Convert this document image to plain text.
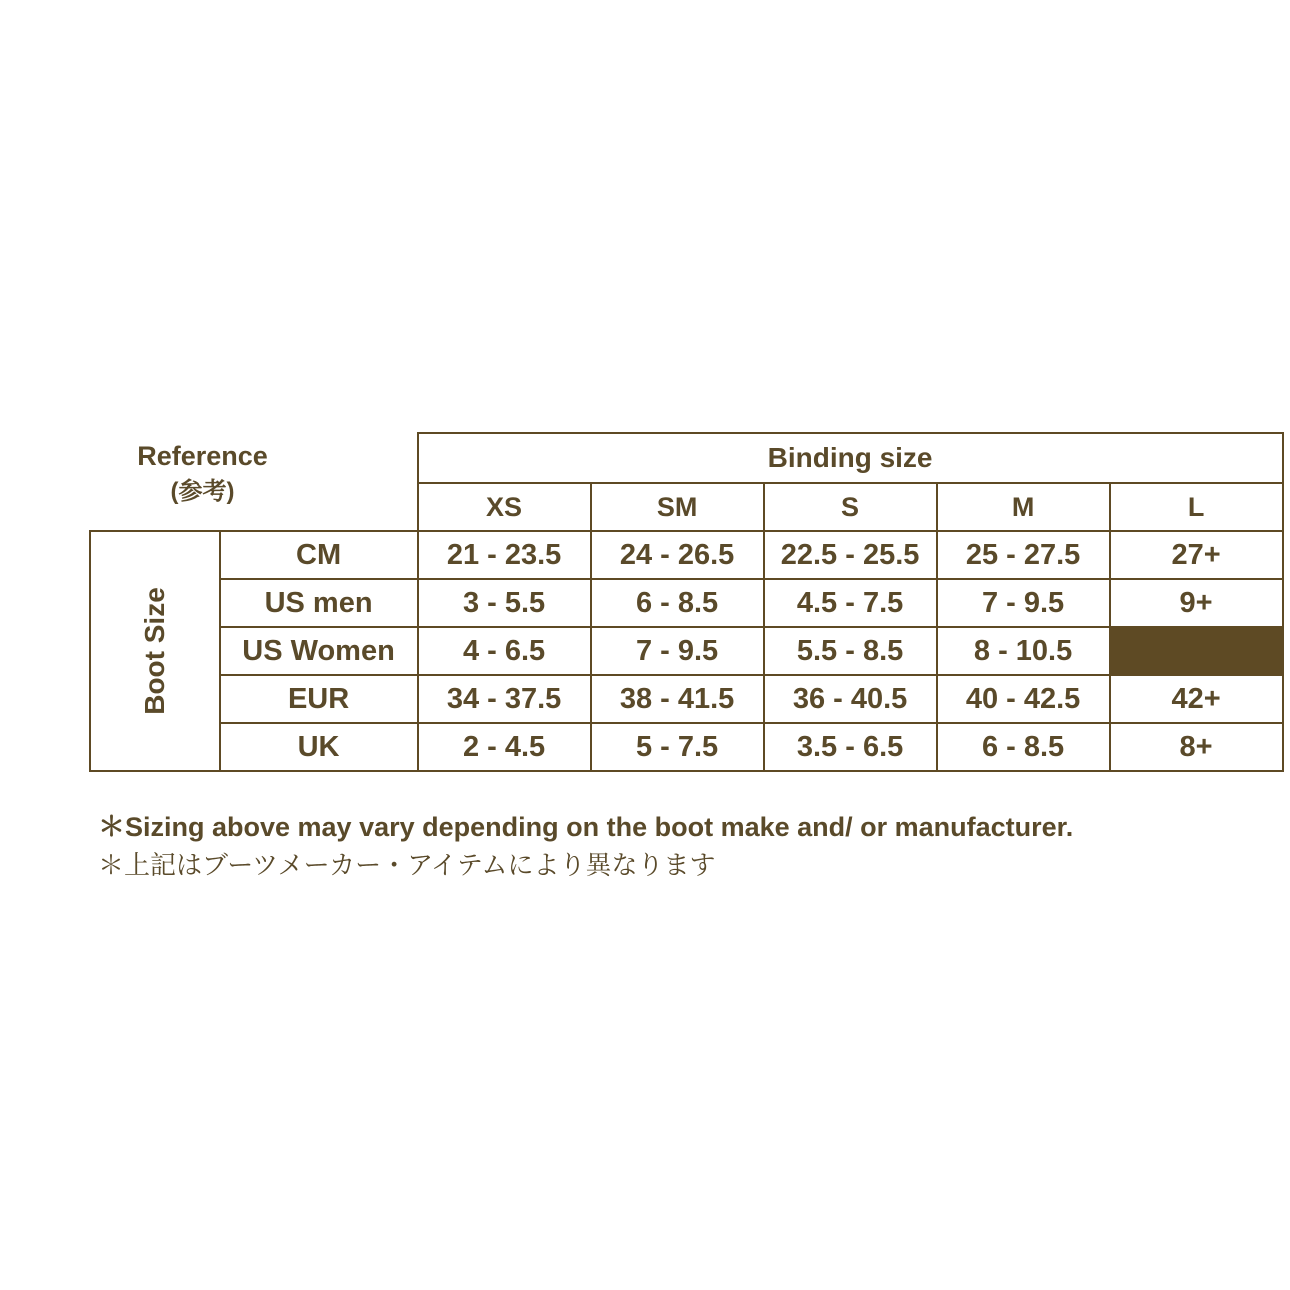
Reference
(参考)
		Binding size				
		XS	SM	S	M	L
Boot Size	CM	21 - 23.5	24 - 26.5	22.5 - 25.5	25 - 27.5	27+
	US men	3 - 5.5	6 - 8.5	4.5 - 7.5	7 - 9.5	9+
	US Women	4 - 6.5	7 - 9.5	5.5 - 8.5	8 - 10.5	
	EUR	34 - 37.5	38 - 41.5	36 - 40.5	40 - 42.5	42+
	UK	2 - 4.5	5 - 7.5	3.5 - 6.5	6 - 8.5	8+
＊Sizing above may vary depending on the boot make and/ or manufacturer.
＊上記はブーツメーカー・アイテムにより異なります
